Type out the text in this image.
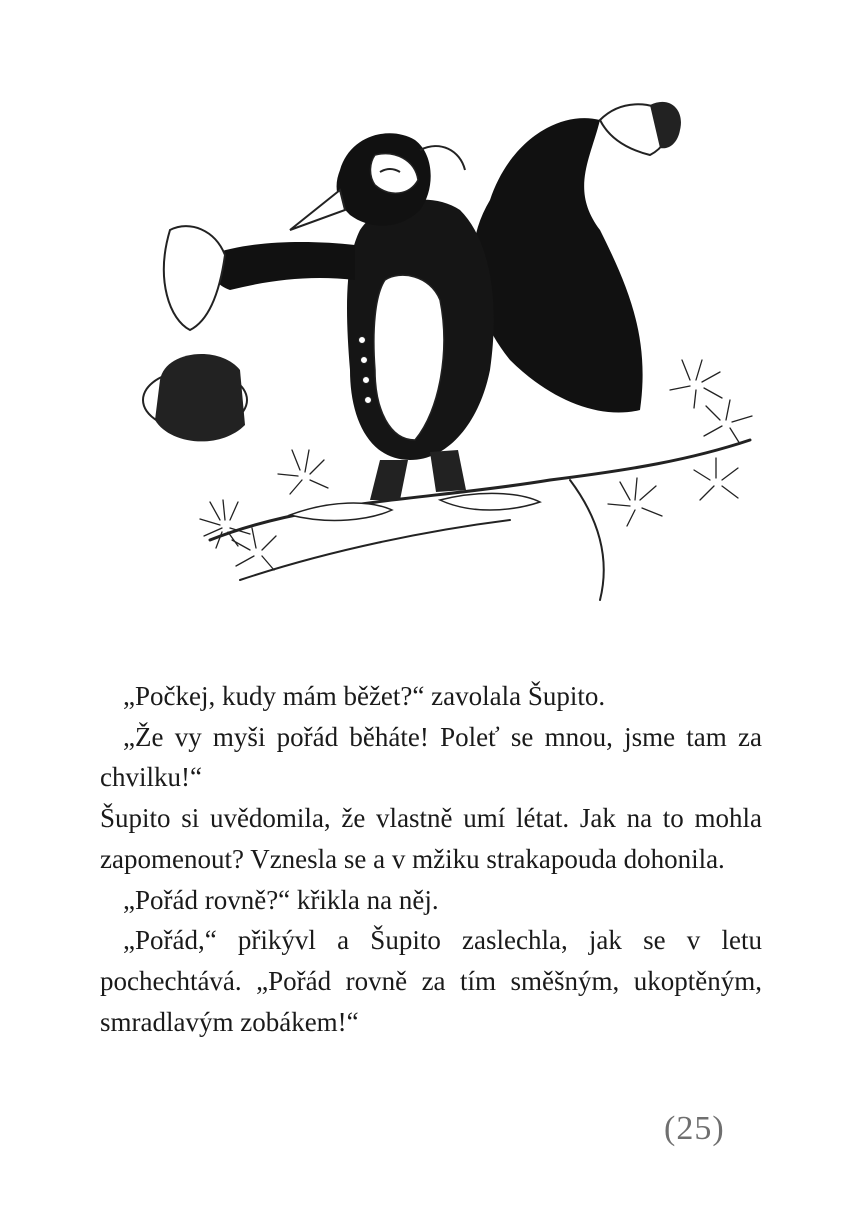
„Počkej, kudy mám běžet?“ zavolala Šupito.

„Že vy myši pořád běháte! Poleť se mnou, jsme tam za chvilku!“

Šupito si uvědomila, že vlastně umí létat. Jak na to mohla zapomenout? Vznesla se a v mžiku strakapouda dohonila.

„Pořád rovně?“ křikla na něj.

„Pořád,“ přikývl a Šupito zaslechla, jak se v letu pochechtává. „Pořád rovně za tím směšným, ukoptěným, smradlavým zobákem!“

(25)
